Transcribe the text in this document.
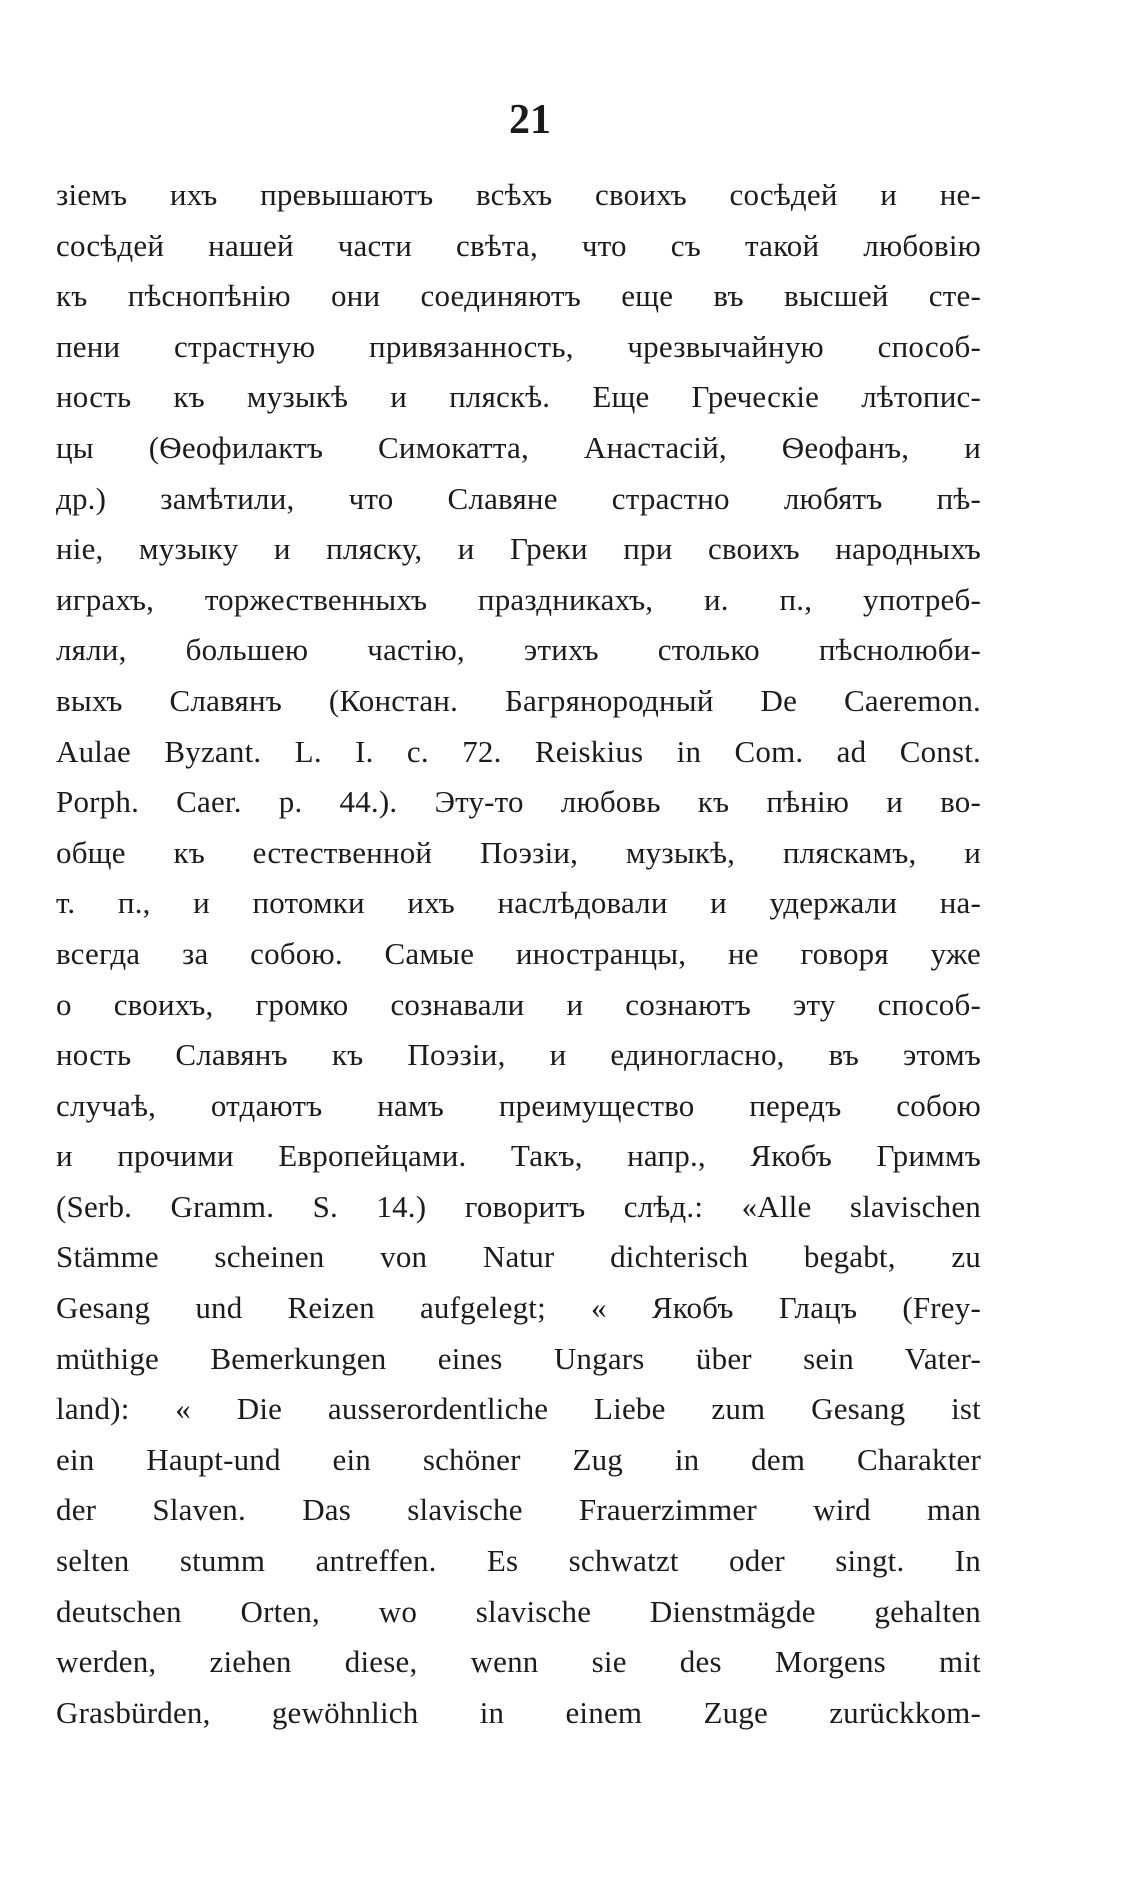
21
зіемъ ихъ превышаютъ всѣхъ своихъ сосѣдей и не-
сосѣдей нашей части свѣта, что съ такой любовію
къ пѣснопѣнію они соединяютъ еще въ высшей сте-
пени страстную привязанность, чрезвычайную способ-
ность къ музыкѣ и пляскѣ. Еще Греческіе лѣтопис-
цы (Ѳеофилактъ Симокатта, Анастасій, Ѳеофанъ, и
др.) замѣтили, что Славяне страстно любятъ пѣ-
ніе, музыку и пляску, и Греки при своихъ народныхъ
играхъ, торжественныхъ праздникахъ, и. п., употреб-
ляли, большею частію, этихъ столько пѣснолюби-
выхъ Славянъ (Констан. Багрянородный De Caeremon.
Aulae Byzant. L. I. c. 72. Reiskius in Com. ad Const.
Porph. Caer. p. 44.). Эту-то любовь къ пѣнію и во-
обще къ естественной Поэзіи, музыкѣ, пляскамъ, и
т. п., и потомки ихъ наслѣдовали и удержали на-
всегда за собою. Самые иностранцы, не говоря уже
о своихъ, громко сознавали и сознаютъ эту способ-
ность Славянъ къ Поэзіи, и единогласно, въ этомъ
случаѣ, отдаютъ намъ преимущество передъ собою
и прочими Европейцами. Такъ, напр., Якобъ Гриммъ
(Serb. Gramm. S. 14.) говоритъ слѣд.: «Alle slavischen
Stämme scheinen von Natur dichterisch begabt, zu
Gesang und Reizen aufgelegt; « Якобъ Глацъ (Frey-
müthige Bemerkungen eines Ungars über sein Vater-
land): « Die ausserordentliche Liebe zum Gesang ist
ein Haupt-und ein schöner Zug in dem Charakter
der Slaven. Das slavische Frauerzimmer wird man
selten stumm antreffen. Es schwatzt oder singt. In
deutschen Orten, wo slavische Dienstmägde gehalten
werden, ziehen diese, wenn sie des Morgens mit
Grasbürden, gewöhnlich in einem Zuge zurückkom-
